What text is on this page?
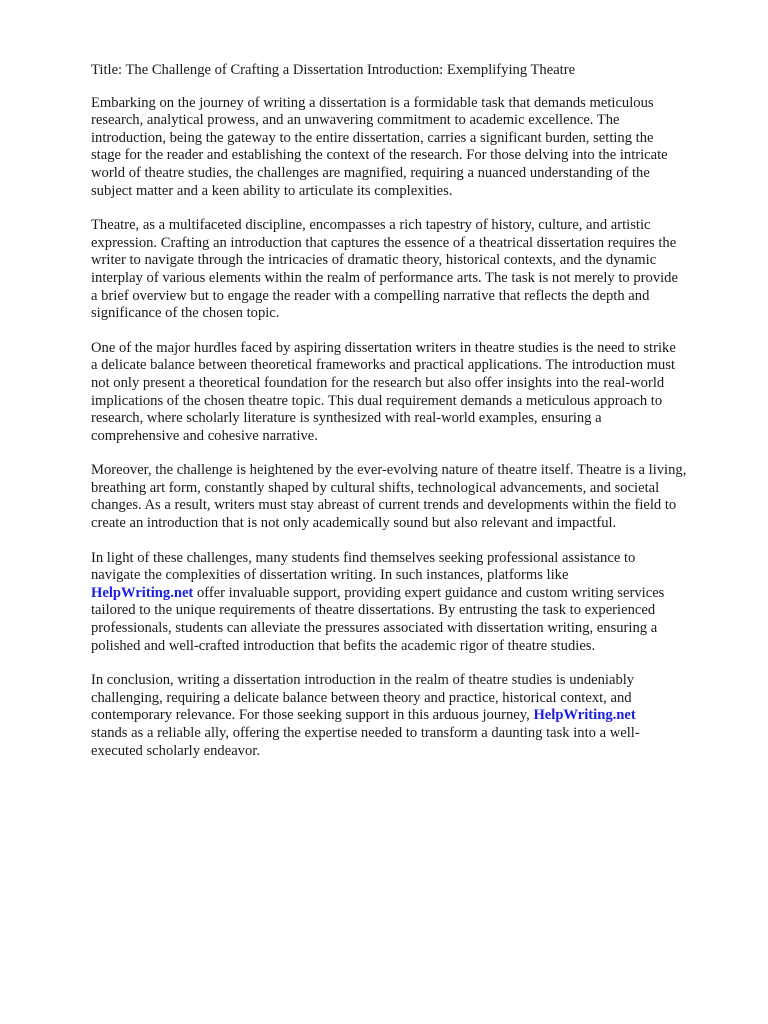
Title: The Challenge of Crafting a Dissertation Introduction: Exemplifying Theatre

Embarking on the journey of writing a dissertation is a formidable task that demands meticulous
research, analytical prowess, and an unwavering commitment to academic excellence. The
introduction, being the gateway to the entire dissertation, carries a significant burden, setting the
stage for the reader and establishing the context of the research. For those delving into the intricate
world of theatre studies, the challenges are magnified, requiring a nuanced understanding of the
subject matter and a keen ability to articulate its complexities.

Theatre, as a multifaceted discipline, encompasses a rich tapestry of history, culture, and artistic
expression. Crafting an introduction that captures the essence of a theatrical dissertation requires the
writer to navigate through the intricacies of dramatic theory, historical contexts, and the dynamic
interplay of various elements within the realm of performance arts. The task is not merely to provide
a brief overview but to engage the reader with a compelling narrative that reflects the depth and
significance of the chosen topic.

One of the major hurdles faced by aspiring dissertation writers in theatre studies is the need to strike
a delicate balance between theoretical frameworks and practical applications. The introduction must
not only present a theoretical foundation for the research but also offer insights into the real-world
implications of the chosen theatre topic. This dual requirement demands a meticulous approach to
research, where scholarly literature is synthesized with real-world examples, ensuring a
comprehensive and cohesive narrative.

Moreover, the challenge is heightened by the ever-evolving nature of theatre itself. Theatre is a living,
breathing art form, constantly shaped by cultural shifts, technological advancements, and societal
changes. As a result, writers must stay abreast of current trends and developments within the field to
create an introduction that is not only academically sound but also relevant and impactful.

In light of these challenges, many students find themselves seeking professional assistance to
navigate the complexities of dissertation writing. In such instances, platforms like
HelpWriting.net offer invaluable support, providing expert guidance and custom writing services
tailored to the unique requirements of theatre dissertations. By entrusting the task to experienced
professionals, students can alleviate the pressures associated with dissertation writing, ensuring a
polished and well-crafted introduction that befits the academic rigor of theatre studies.

In conclusion, writing a dissertation introduction in the realm of theatre studies is undeniably
challenging, requiring a delicate balance between theory and practice, historical context, and
contemporary relevance. For those seeking support in this arduous journey, HelpWriting.net
stands as a reliable ally, offering the expertise needed to transform a daunting task into a well-
executed scholarly endeavor.
